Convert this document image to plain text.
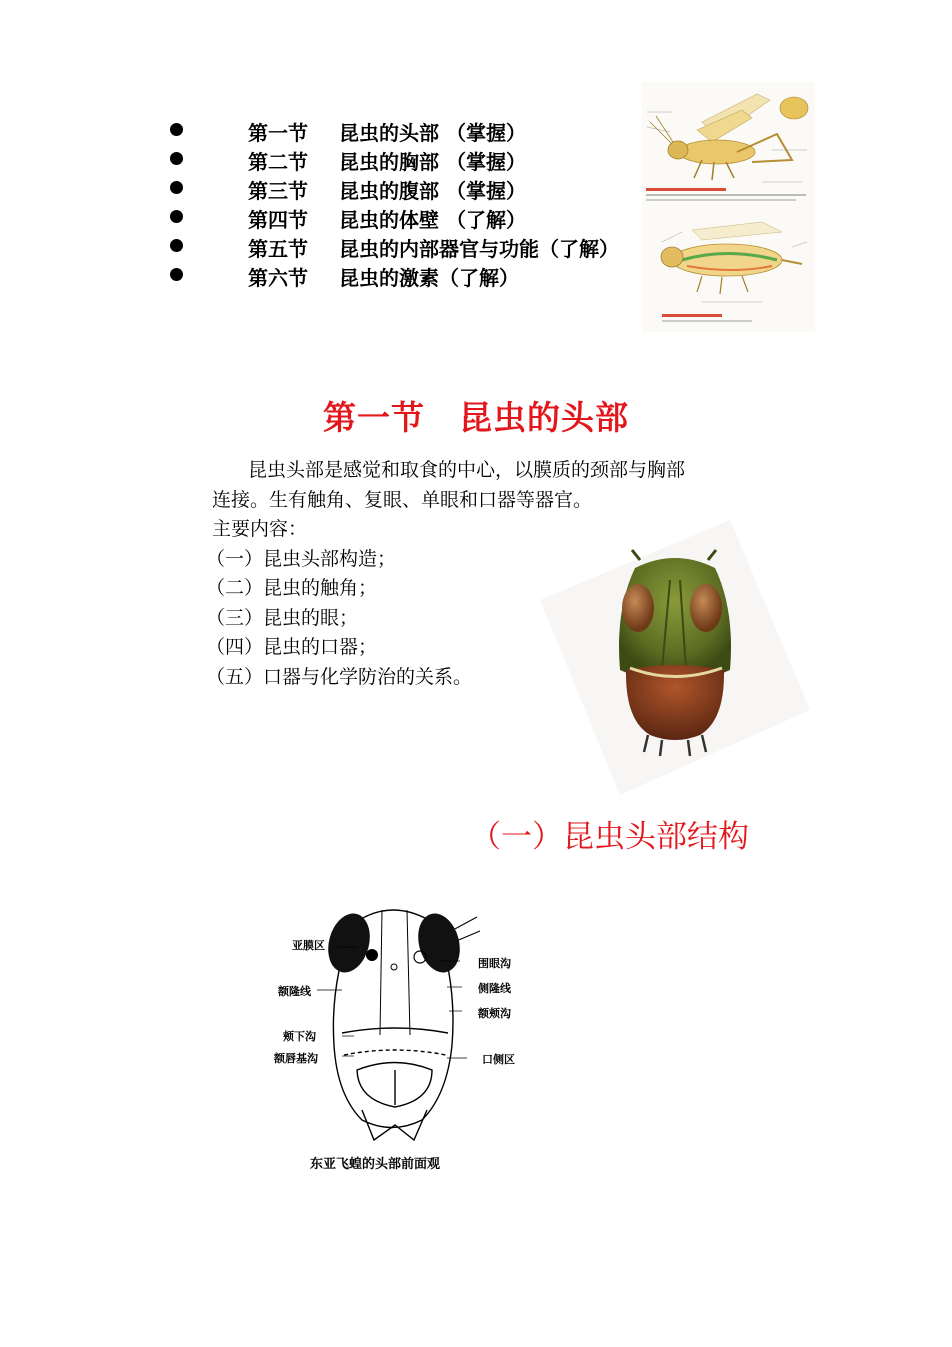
第一节 昆虫的头部 （掌握）
第二节 昆虫的胸部 （掌握）
第三节 昆虫的腹部 （掌握）
第四节 昆虫的体壁 （了解）
第五节 昆虫的内部器官与功能（了解）
第六节 昆虫的激素（了解）
第一节　昆虫的头部

昆虫头部是感觉和取食的中心，以膜质的颈部与胸部

连接。生有触角、复眼、单眼和口器等器官。

主要内容：

（一）昆虫头部构造；

（二）昆虫的触角；

（三）昆虫的眼；

（四）昆虫的口器；

（五）口器与化学防治的关系。

（一）昆虫头部结构
亚膜区
额隆线
颊下沟
额唇基沟
围眼沟
侧隆线
额颊沟
口侧区
东亚飞蝗的头部前面观
